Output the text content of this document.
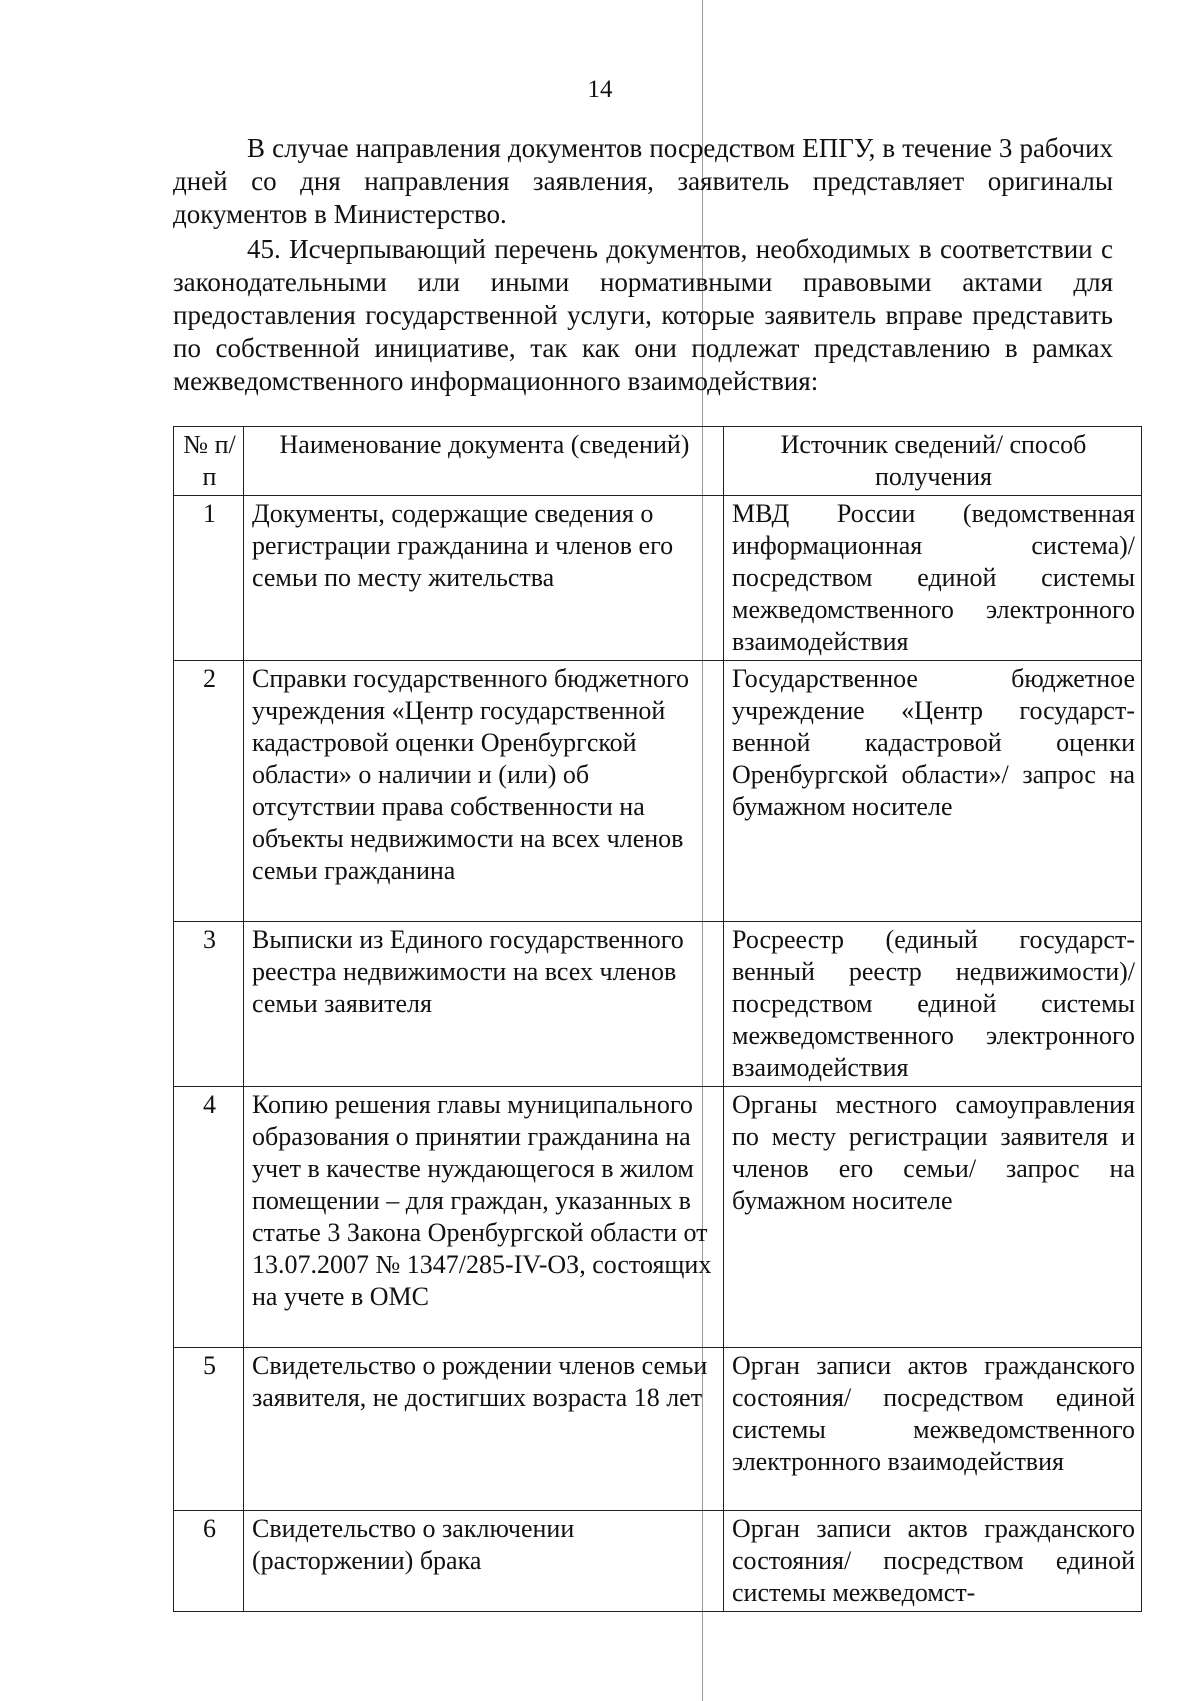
14

В случае направления документов посредством ЕПГУ, в течение 3 рабочих дней со дня направления заявления, заявитель представляет оригиналы документов в Министерство.

45. Исчерпывающий перечень документов, необходимых в соответствии с законодательными или иными нормативными правовыми актами для предоставления государственной услуги, которые заявитель вправе представить по собственной инициативе, так как они подлежат представлению в рамках межведомственного информационного взаимодействия:

№ п/п	Наименование документа (сведений)	Источник сведений/ способ получения
1	Документы, содержащие сведения о регистрации гражданина и членов его семьи по месту жительства	МВД России (ведомственная информационная система)/ посредством единой системы межведомственного электронного взаимодействия
2	Справки государственного бюджетного учреждения «Центр государственной кадастровой оценки Оренбургской области» о наличии и (или) об отсутствии права собственности на объекты недвижимости на всех членов семьи гражданина	Государственное бюджетное учреждение «Центр государственной кадастровой оценки Оренбургской области»/ запрос на бумажном носителе
3	Выписки из Единого государственного реестра недвижимости на всех членов семьи заявителя	Росреестр (единый государственный реестр недвижимости)/ посредством единой системы межведомственного электронного взаимодействия
4	Копию решения главы муниципального образования о принятии гражданина на учет в качестве нуждающегося в жилом помещении – для граждан, указанных в статье 3 Закона Оренбургской области от 13.07.2007 № 1347/285-IV-ОЗ, состоящих на учете в ОМС	Органы местного самоуправления по месту регистрации заявителя и членов его семьи/ запрос на бумажном носителе
5	Свидетельство о рождении членов семьи заявителя, не достигших возраста 18 лет	Орган записи актов гражданского состояния/ посредством единой системы межведомственного электронного взаимодействия
6	Свидетельство о заключении (расторжении) брака	Орган записи актов гражданского состояния/ посредством единой системы межведомст-
